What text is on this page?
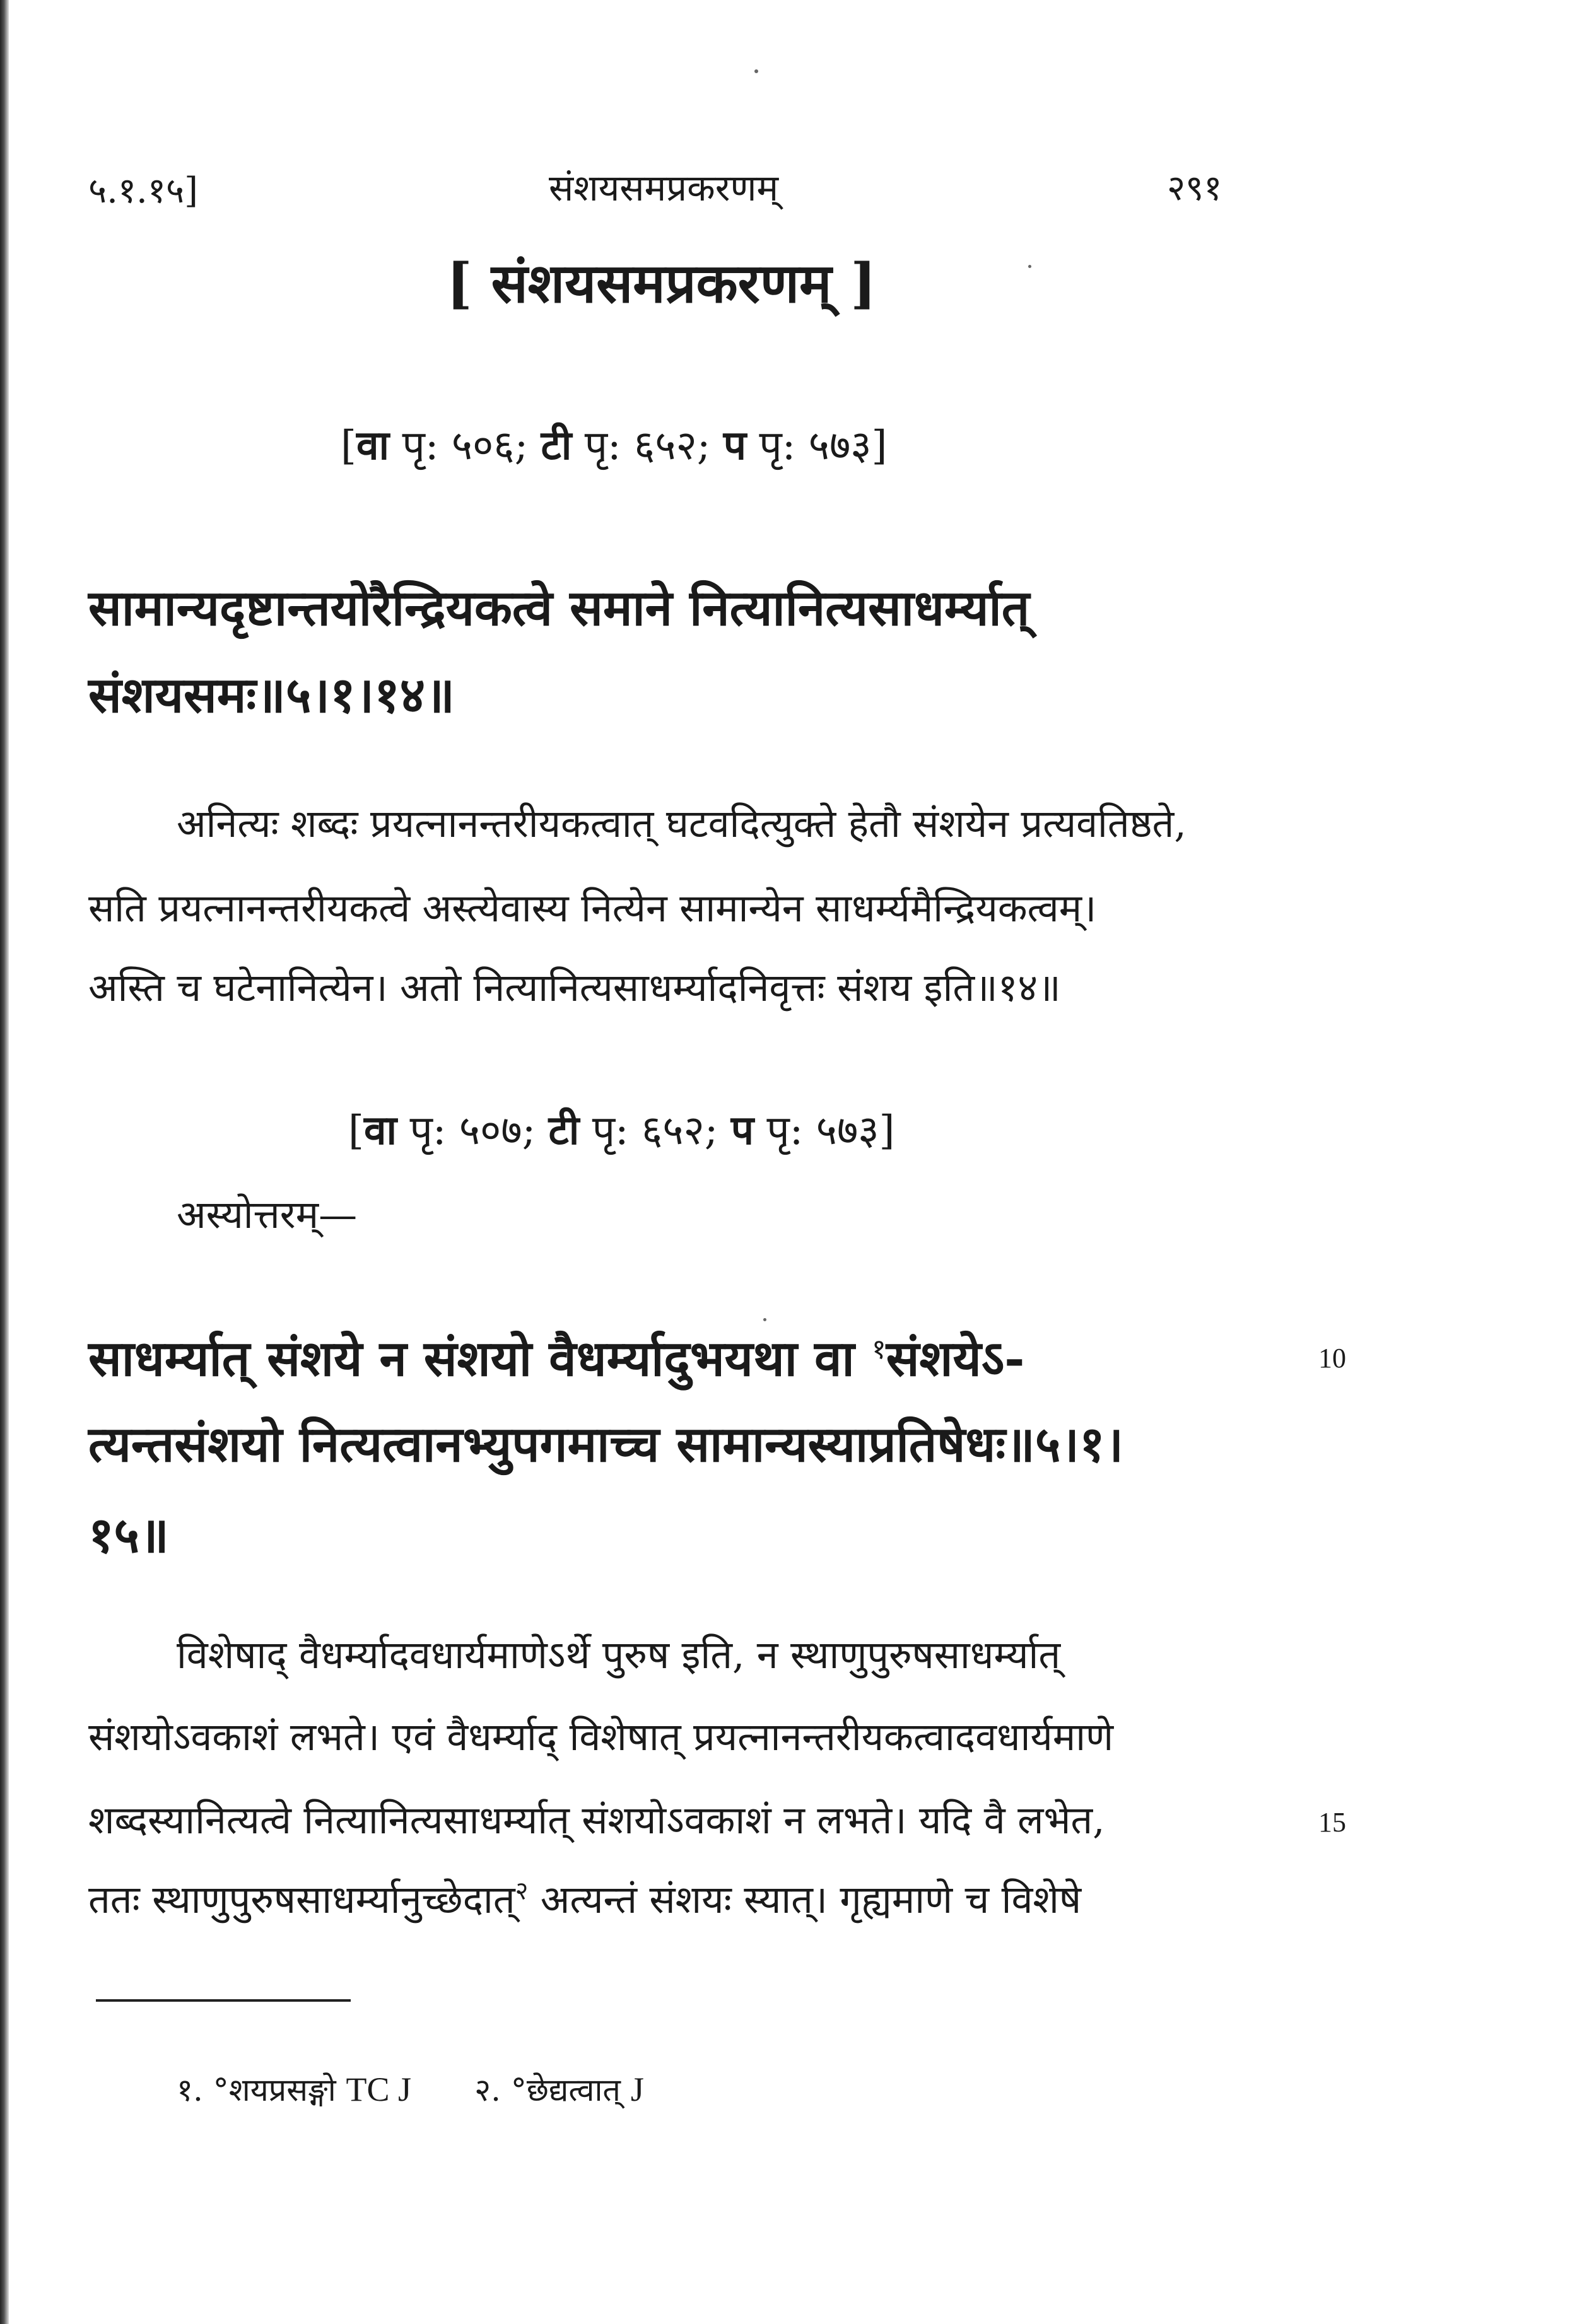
५.१.१५]	संशयसमप्रकरणम्	२९१
[ संशयसमप्रकरणम् ]
[वा पृ: ५०६; टी पृ: ६५२; प पृ: ५७३]
सामान्यदृष्टान्तयोरैन्द्रियकत्वे समाने नित्यानित्यसाधर्म्यात्
संशयसमः॥५।१।१४॥
अनित्यः शब्दः प्रयत्नानन्तरीयकत्वात् घटवदित्युक्ते हेतौ संशयेन प्रत्यवतिष्ठते,
सति प्रयत्नानन्तरीयकत्वे अस्त्येवास्य नित्येन सामान्येन साधर्म्यमैन्द्रियकत्वम्।
अस्ति च घटेनानित्येन। अतो नित्यानित्यसाधर्म्यादनिवृत्तः संशय इति॥१४॥
[वा पृ: ५०७; टी पृ: ६५२; प पृ: ५७३]
अस्योत्तरम्—
साधर्म्यात् संशये न संशयो वैधर्म्यादुभयथा वा $^१$संशयेऽ-	10
त्यन्तसंशयो नित्यत्वानभ्युपगमाच्च सामान्यस्याप्रतिषेधः॥५।१।
१५॥
विशेषाद् वैधर्म्यादवधार्यमाणेऽर्थे पुरुष इति, न स्थाणुपुरुषसाधर्म्यात्
संशयोऽवकाशं लभते। एवं वैधर्म्याद् विशेषात् प्रयत्नानन्तरीयकत्वादवधार्यमाणे
शब्दस्यानित्यत्वे नित्यानित्यसाधर्म्यात् संशयोऽवकाशं न लभते। यदि वै लभेत,	15
ततः स्थाणुपुरुषसाधर्म्यानुच्छेदात्$^२$ अत्यन्तं संशयः स्यात्। गृह्यमाणे च विशेषे
१. °शयप्रसङ्गो TC J २. °छेद्यत्वात् J
